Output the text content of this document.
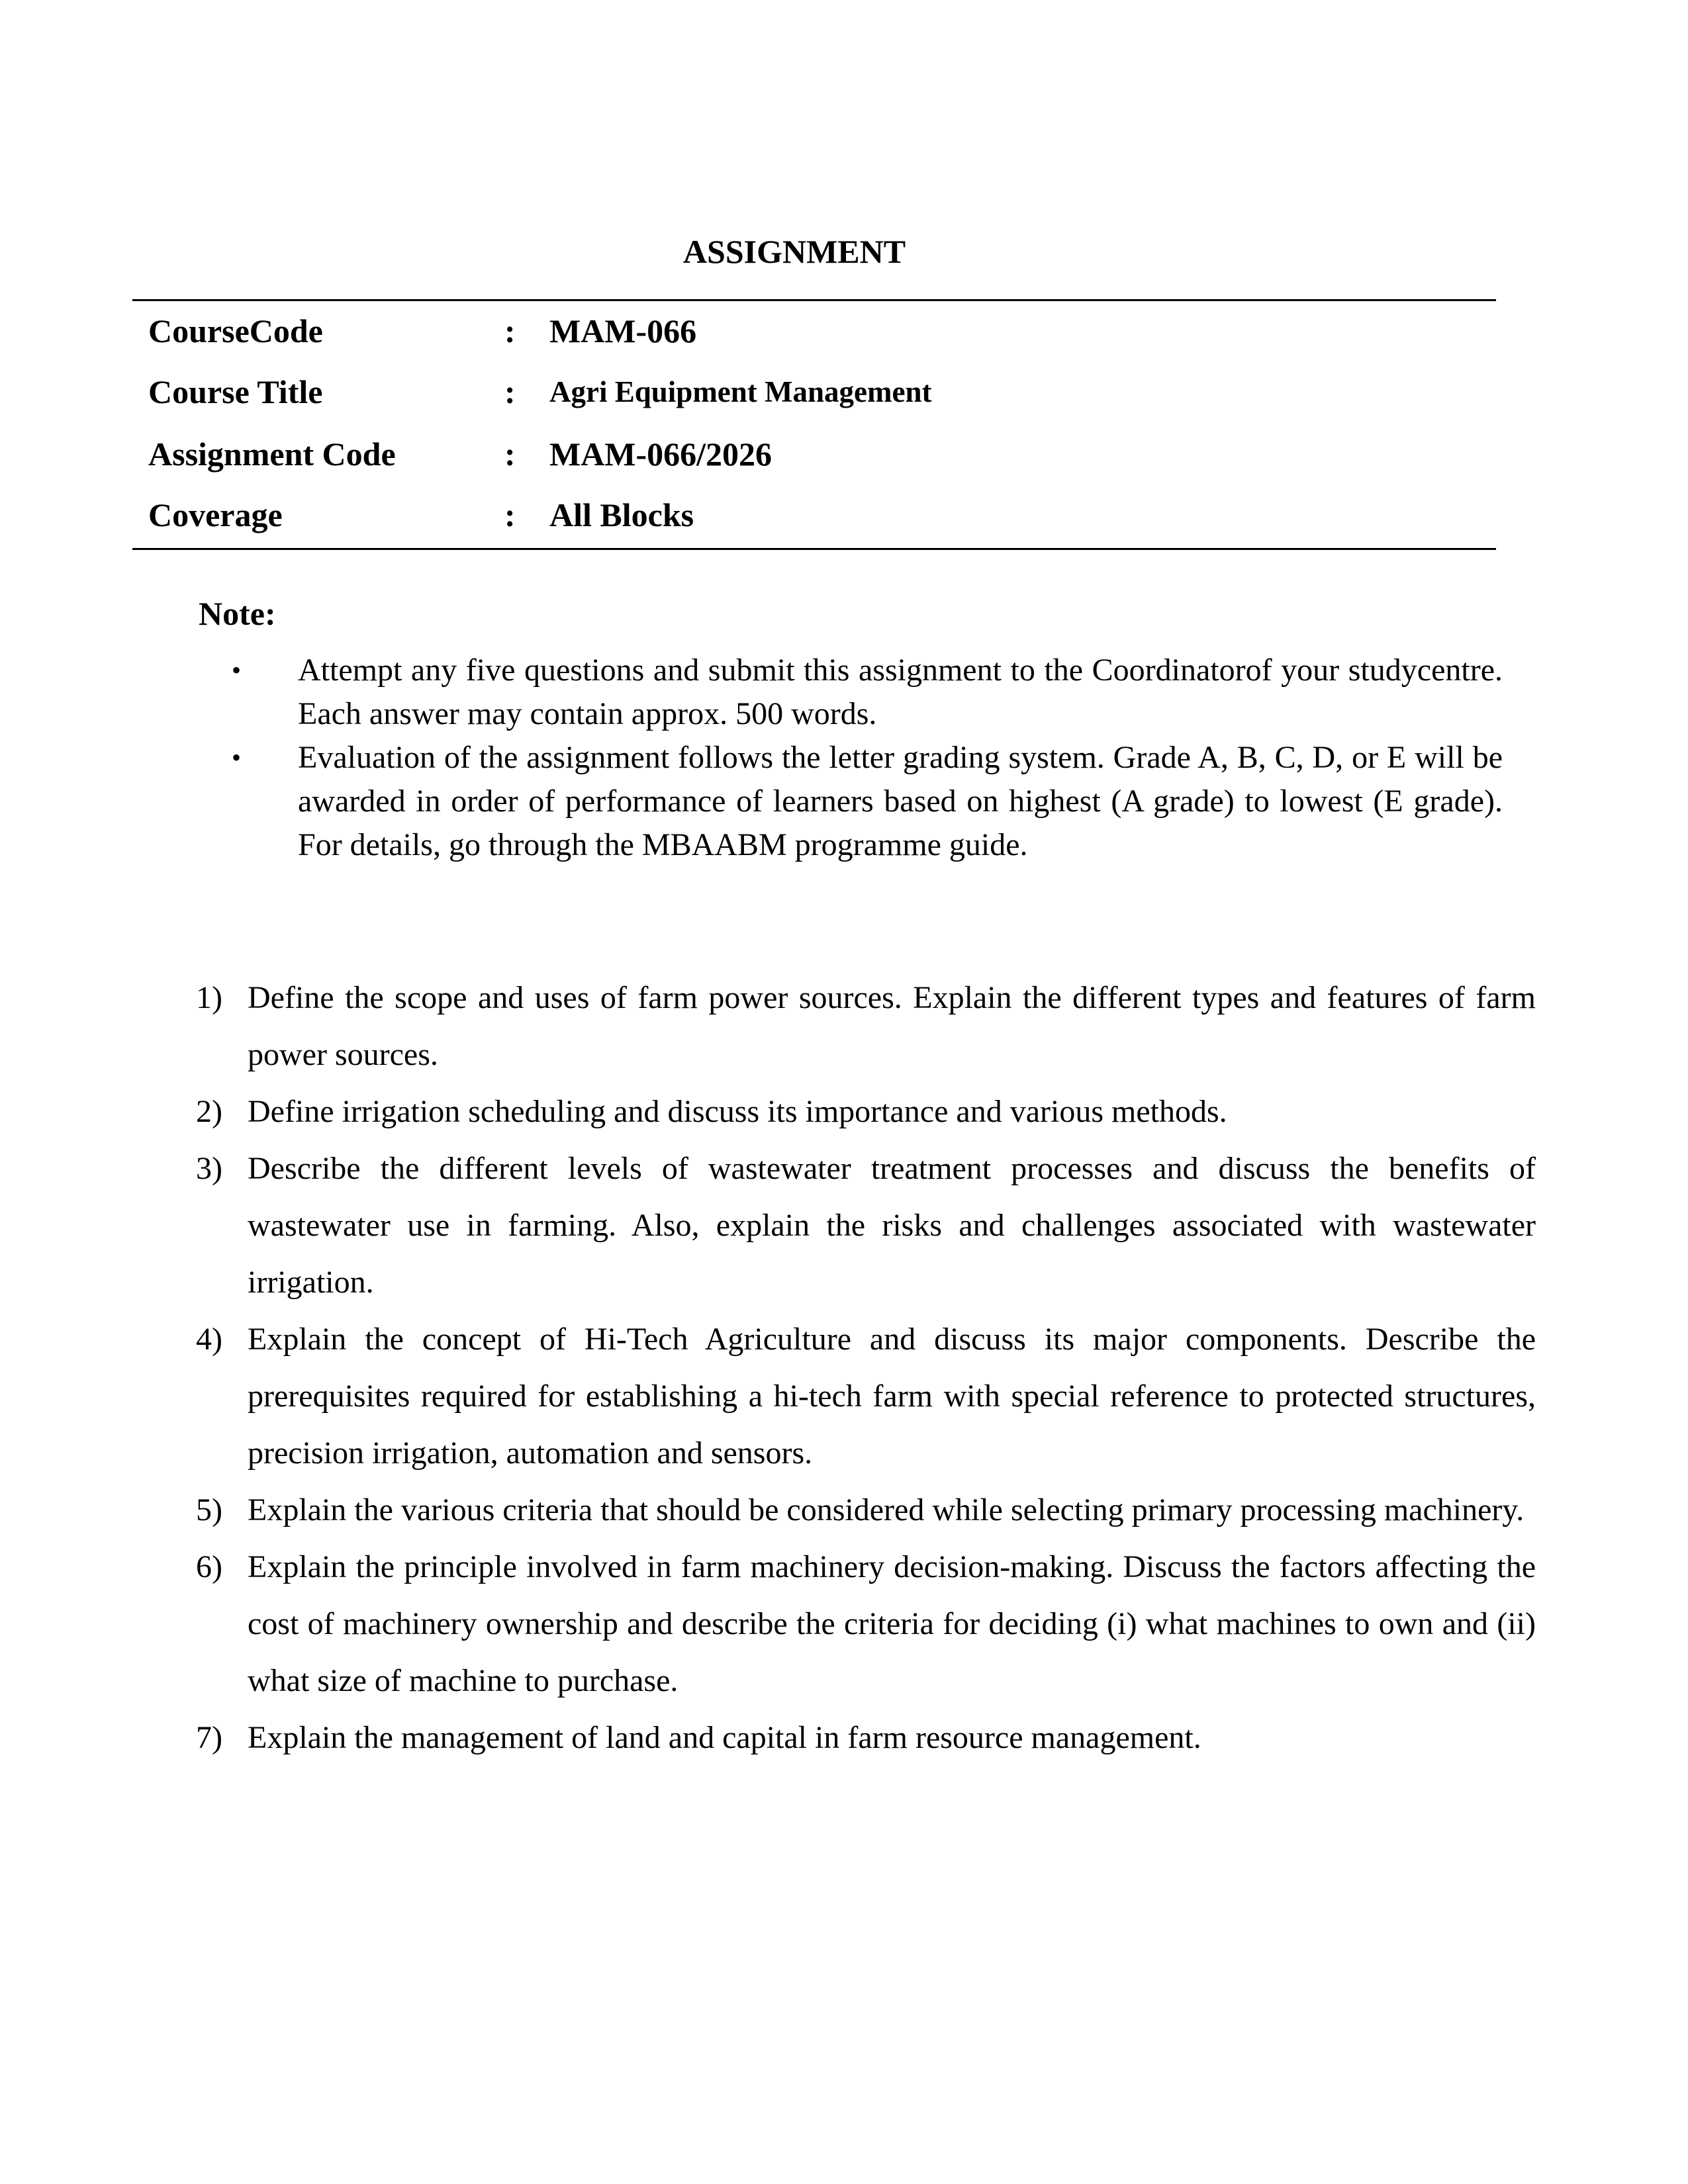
ASSIGNMENT
CourseCode	: MAM-066
Course Title	: Agri Equipment Management
Assignment Code	: MAM-066/2026
Coverage	: All Blocks
Note:
• Attempt any five questions and submit this assignment to the Coordinatorof your studycentre. Each answer may contain approx. 500 words.
• Evaluation of the assignment follows the letter grading system. Grade A, B, C, D, or E will be awarded in order of performance of learners based on highest (A grade) to lowest (E grade). For details, go through the MBAABM programme guide.
1) Define the scope and uses of farm power sources. Explain the different types and features of farm power sources.
2) Define irrigation scheduling and discuss its importance and various methods.
3) Describe the different levels of wastewater treatment processes and discuss the benefits of wastewater use in farming. Also, explain the risks and challenges associated with wastewater irrigation.
4) Explain the concept of Hi-Tech Agriculture and discuss its major components. Describe the prerequisites required for establishing a hi-tech farm with special reference to protected structures, precision irrigation, automation and sensors.
5) Explain the various criteria that should be considered while selecting primary processing machinery.
6) Explain the principle involved in farm machinery decision-making. Discuss the factors affecting the cost of machinery ownership and describe the criteria for deciding (i) what machines to own and (ii) what size of machine to purchase.
7) Explain the management of land and capital in farm resource management.
